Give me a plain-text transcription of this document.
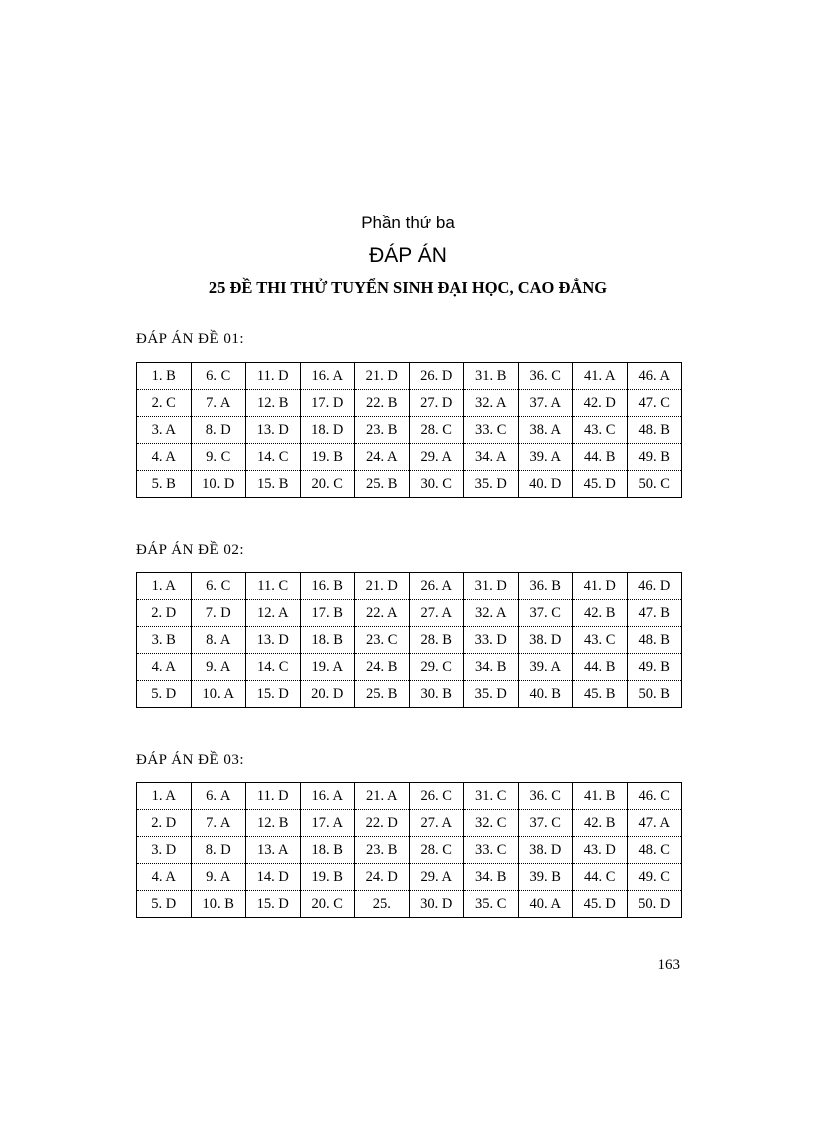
Phần thứ ba
ĐÁP ÁN
25 ĐỀ THI THỬ TUYỂN SINH ĐẠI HỌC, CAO ĐẲNG
ĐÁP ÁN ĐỀ 01:
1. B	6. C	11. D	16. A	21. D	26. D	31. B	36. C	41. A	46. A
2. C	7. A	12. B	17. D	22. B	27. D	32. A	37. A	42. D	47. C
3. A	8. D	13. D	18. D	23. B	28. C	33. C	38. A	43. C	48. B
4. A	9. C	14. C	19. B	24. A	29. A	34. A	39. A	44. B	49. B
5. B	10. D	15. B	20. C	25. B	30. C	35. D	40. D	45. D	50. C
ĐÁP ÁN ĐỀ 02:
1. A	6. C	11. C	16. B	21. D	26. A	31. D	36. B	41. D	46. D
2. D	7. D	12. A	17. B	22. A	27. A	32. A	37. C	42. B	47. B
3. B	8. A	13. D	18. B	23. C	28. B	33. D	38. D	43. C	48. B
4. A	9. A	14. C	19. A	24. B	29. C	34. B	39. A	44. B	49. B
5. D	10. A	15. D	20. D	25. B	30. B	35. D	40. B	45. B	50. B
ĐÁP ÁN ĐỀ 03:
1. A	6. A	11. D	16. A	21. A	26. C	31. C	36. C	41. B	46. C
2. D	7. A	12. B	17. A	22. D	27. A	32. C	37. C	42. B	47. A
3. D	8. D	13. A	18. B	23. B	28. C	33. C	38. D	43. D	48. C
4. A	9. A	14. D	19. B	24. D	29. A	34. B	39. B	44. C	49. C
5. D	10. B	15. D	20. C	25.	30. D	35. C	40. A	45. D	50. D
163
